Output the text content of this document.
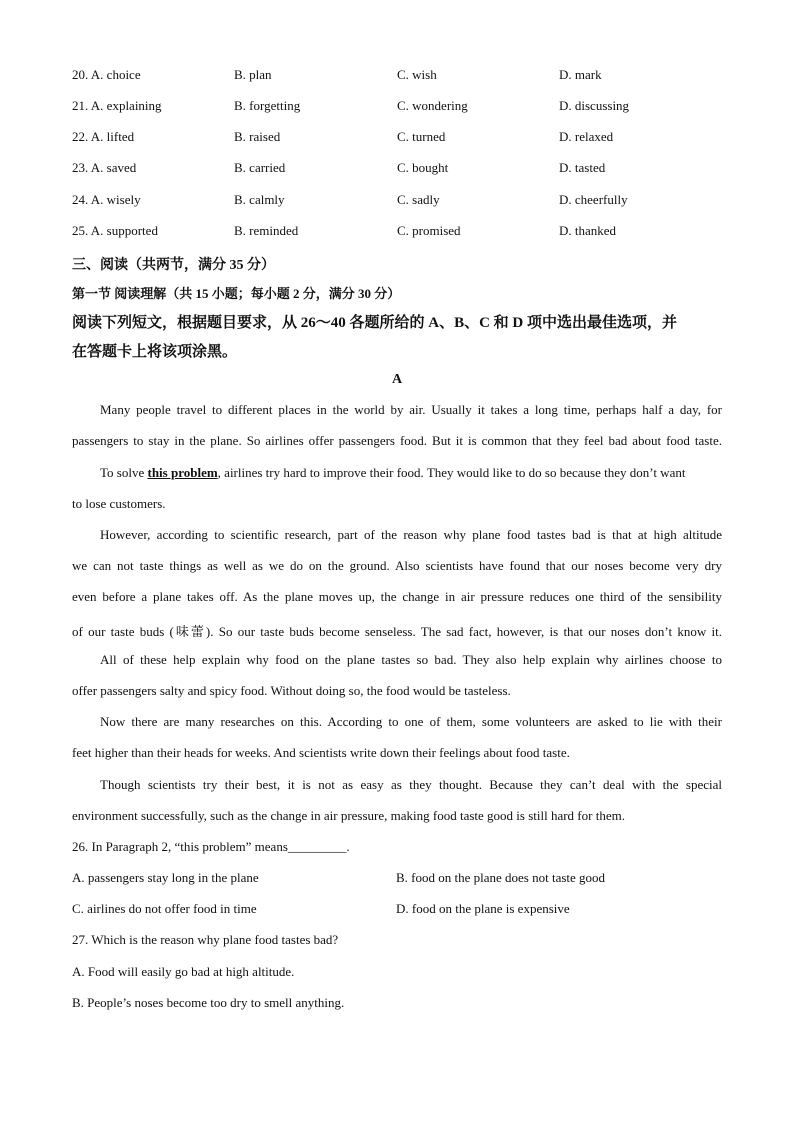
20. A. choice	B. plan	C. wish	D. mark
21. A. explaining	B. forgetting	C. wondering	D. discussing
22. A. lifted	B. raised	C. turned	D. relaxed
23. A. saved	B. carried	C. bought	D. tasted
24. A. wisely	B. calmly	C. sadly	D. cheerfully
25. A. supported	B. reminded	C. promised	D. thanked
三、阅读（共两节，满分 35 分）
第一节 阅读理解（共 15 小题；每小题 2 分，满分 30 分）
阅读下列短文，根据题目要求，从 26～40 各题所给的 A、B、C 和 D 项中选出最佳选项，并
在答题卡上将该项涂黑。
A
Many people travel to different places in the world by air. Usually it takes a long time, perhaps half a day, for
passengers to stay in the plane. So airlines offer passengers food. But it is common that they feel bad about food taste.
To solve this problem, airlines try hard to improve their food. They would like to do so because they don’t want
to lose customers.
However, according to scientific research, part of the reason why plane food tastes bad is that at high altitude
we can not taste things as well as we do on the ground. Also scientists have found that our noses become very dry
even before a plane takes off. As the plane moves up, the change in air pressure reduces one third of the sensibility
of our taste buds (味蕾). So our taste buds become senseless. The sad fact, however, is that our noses don’t know it.
All of these help explain why food on the plane tastes so bad. They also help explain why airlines choose to
offer passengers salty and spicy food. Without doing so, the food would be tasteless.
Now there are many researches on this. According to one of them, some volunteers are asked to lie with their
feet higher than their heads for weeks. And scientists write down their feelings about food taste.
Though scientists try their best, it is not as easy as they thought. Because they can’t deal with the special
environment successfully, such as the change in air pressure, making food taste good is still hard for them.
26. In Paragraph 2, “this problem” means_________.
A. passengers stay long in the plane	B. food on the plane does not taste good
C. airlines do not offer food in time	D. food on the plane is expensive
27. Which is the reason why plane food tastes bad?
A. Food will easily go bad at high altitude.
B. People’s noses become too dry to smell anything.
